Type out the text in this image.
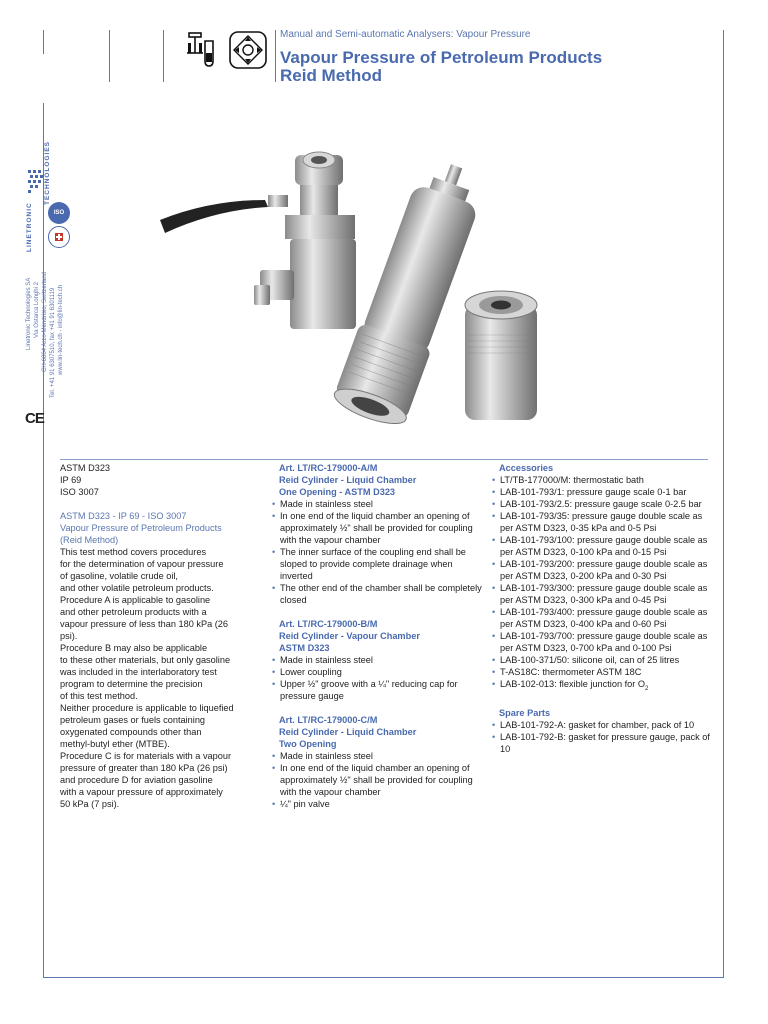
Manual and Semi-automatic Analysers: Vapour Pressure
Vapour Pressure of Petroleum Products
Reid Method
LINETRONIC
TECHNOLOGIES
ISO
Linetronic Technologies SA Via Ostarca Longhi 2 CH-6864 Arzo-Mendrisio, Switzerland Tel. +41 91 6307510, fax +41 91 6301119 www.lin-tech.ch - info@lin-tech.ch
CE
ASTM D323
IP 69
ISO 3007
ASTM D323 - IP 69 - ISO 3007
Vapour Pressure of Petroleum Products
(Reid Method)
This test method covers procedures
for the determination of vapour pressure
of gasoline, volatile crude oil,
and other volatile petroleum products.
Procedure A is applicable to gasoline
and other petroleum products with a
vapour pressure of less than 180 kPa (26
psi).
Procedure B may also be applicable
to these other materials, but only gasoline
was included in the interlaboratory test
program to determine the precision
of this test method.
Neither procedure is applicable to liquefied
petroleum gases or fuels containing
oxygenated compounds other than
methyl-butyl ether (MTBE).
Procedure C is for materials with a vapour
pressure of greater than 180 kPa (26 psi)
and procedure D for aviation gasoline
with a vapour pressure of approximately
50 kPa (7 psi).
Art. LT/RC-179000-A/M
Reid Cylinder - Liquid Chamber
One Opening - ASTM D323
• Made in stainless steel
• In one end of the liquid chamber an opening of approximately ½" shall be provided for coupling with the vapour chamber
• The inner surface of the coupling end shall be sloped to provide complete drainage when inverted
• The other end of the chamber shall be completely closed
Art. LT/RC-179000-B/M
Reid Cylinder - Vapour Chamber
ASTM D323
• Made in stainless steel
• Lower coupling
• Upper ½" groove with a ¼" reducing cap for pressure gauge
Art. LT/RC-179000-C/M
Reid Cylinder - Liquid Chamber
Two Opening
• Made in stainless steel
• In one end of the liquid chamber an opening of approximately ½" shall be provided for coupling with the vapour chamber
• ¼" pin valve
Accessories
• LT/TB-177000/M: thermostatic bath
• LAB-101-793/1: pressure gauge scale 0-1 bar
• LAB-101-793/2.5: pressure gauge scale 0-2.5 bar
• LAB-101-793/35: pressure gauge double scale as per ASTM D323, 0-35 kPa and 0-5 Psi
• LAB-101-793/100: pressure gauge double scale as per ASTM D323, 0-100 kPa and 0-15 Psi
• LAB-101-793/200: pressure gauge double scale as per ASTM D323, 0-200 kPa and 0-30 Psi
• LAB-101-793/300: pressure gauge double scale as per ASTM D323, 0-300 kPa and 0-45 Psi
• LAB-101-793/400: pressure gauge double scale as per ASTM D323, 0-400 kPa and 0-60 Psi
• LAB-101-793/700: pressure gauge double scale as per ASTM D323, 0-700 kPa and 0-100 Psi
• LAB-100-371/50: silicone oil, can of 25 litres
• T-AS18C: thermometer ASTM 18C
• LAB-102-013: flexible junction for $O_2$
Spare Parts
• LAB-101-792-A: gasket for chamber, pack of 10
• LAB-101-792-B: gasket for pressure gauge, pack of 10
